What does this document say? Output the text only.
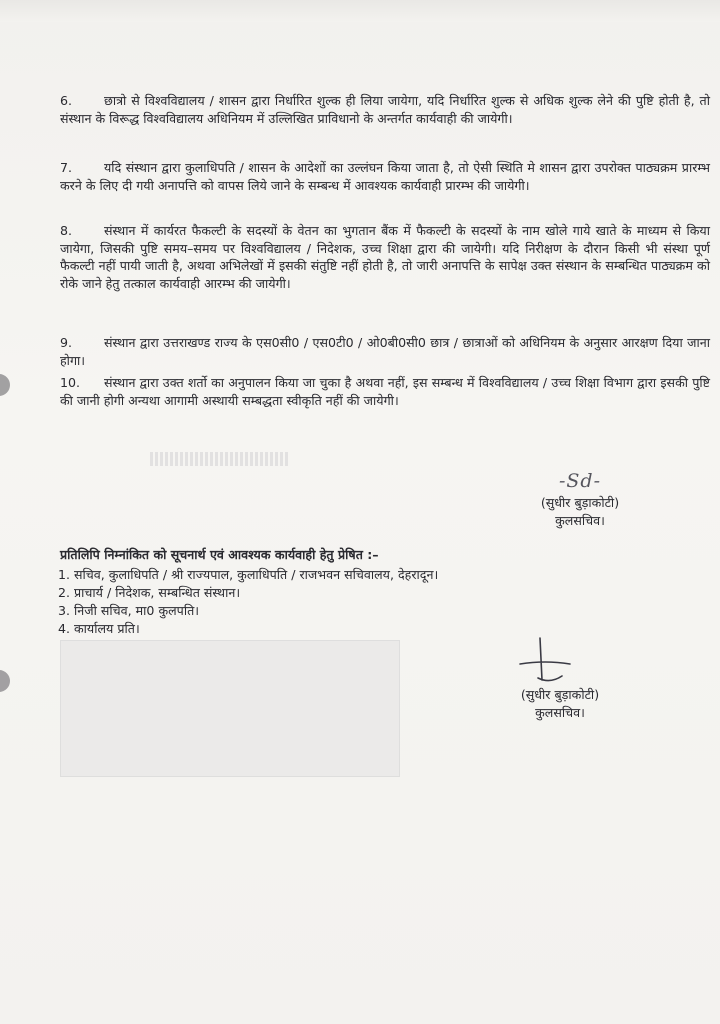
6.	छात्रो से विश्वविद्यालय / शासन द्वारा निर्धारित शुल्क ही लिया जायेगा, यदि निर्धारित शुल्क से अधिक शुल्क लेने की पुष्टि होती है, तो संस्थान के विरूद्ध विश्वविद्यालय अधिनियम में उल्लिखित प्राविधानो के अन्तर्गत कार्यवाही की जायेगी।

7.	यदि संस्थान द्वारा कुलाधिपति / शासन के आदेशों का उल्लंघन किया जाता है, तो ऐसी स्थिति मे शासन द्वारा उपरोक्त पाठ्यक्रम प्रारम्भ करने के लिए दी गयी अनापत्ति को वापस लिये जाने के सम्बन्ध में आवश्यक कार्यवाही प्रारम्भ की जायेगी।

8.	संस्थान में कार्यरत फैकल्टी के सदस्यों के वेतन का भुगतान बैंक में फैकल्टी के सदस्यों के नाम खोले गाये खाते के माध्यम से किया जायेगा, जिसकी पुष्टि समय–समय पर विश्वविद्यालय / निदेशक, उच्च शिक्षा द्वारा की जायेगी। यदि निरीक्षण के दौरान किसी भी संस्था पूर्ण फैकल्टी नहीं पायी जाती है, अथवा अभिलेखों में इसकी संतुष्टि नहीं होती है, तो जारी अनापत्ति के सापेक्ष उक्त संस्थान के सम्बन्धित पाठ्यक्रम को रोके जाने हेतु तत्काल कार्यवाही आरम्भ की जायेगी।

9.	संस्थान द्वारा उत्तराखण्ड राज्य के एस0सी0 / एस0टी0 / ओ0बी0सी0 छात्र / छात्राओं को अधिनियम के अनुसार आरक्षण दिया जाना होगा।

10. संस्थान द्वारा उक्त शर्तो का अनुपालन किया जा चुका है अथवा नहीं, इस सम्बन्ध में विश्वविद्यालय / उच्च शिक्षा विभाग द्वारा इसकी पुष्टि की जानी होगी अन्यथा आगामी अस्थायी सम्बद्धता स्वीकृति नहीं की जायेगी।

-Sd-
(सुधीर बुड़ाकोटी)
कुलसचिव।
प्रतिलिपि निम्नांकित को सूचनार्थ एवं आवश्यक कार्यवाही हेतु प्रेषित :–
1. सचिव, कुलाधिपति / श्री राज्यपाल, कुलाधिपति / राजभवन सचिवालय, देहरादून।
2. प्राचार्य / निदेशक, सम्बन्धित संस्थान।
3. निजी सचिव, मा0 कुलपति।
4. कार्यालय प्रति।
(सुधीर बुड़ाकोटी)
कुलसचिव।
